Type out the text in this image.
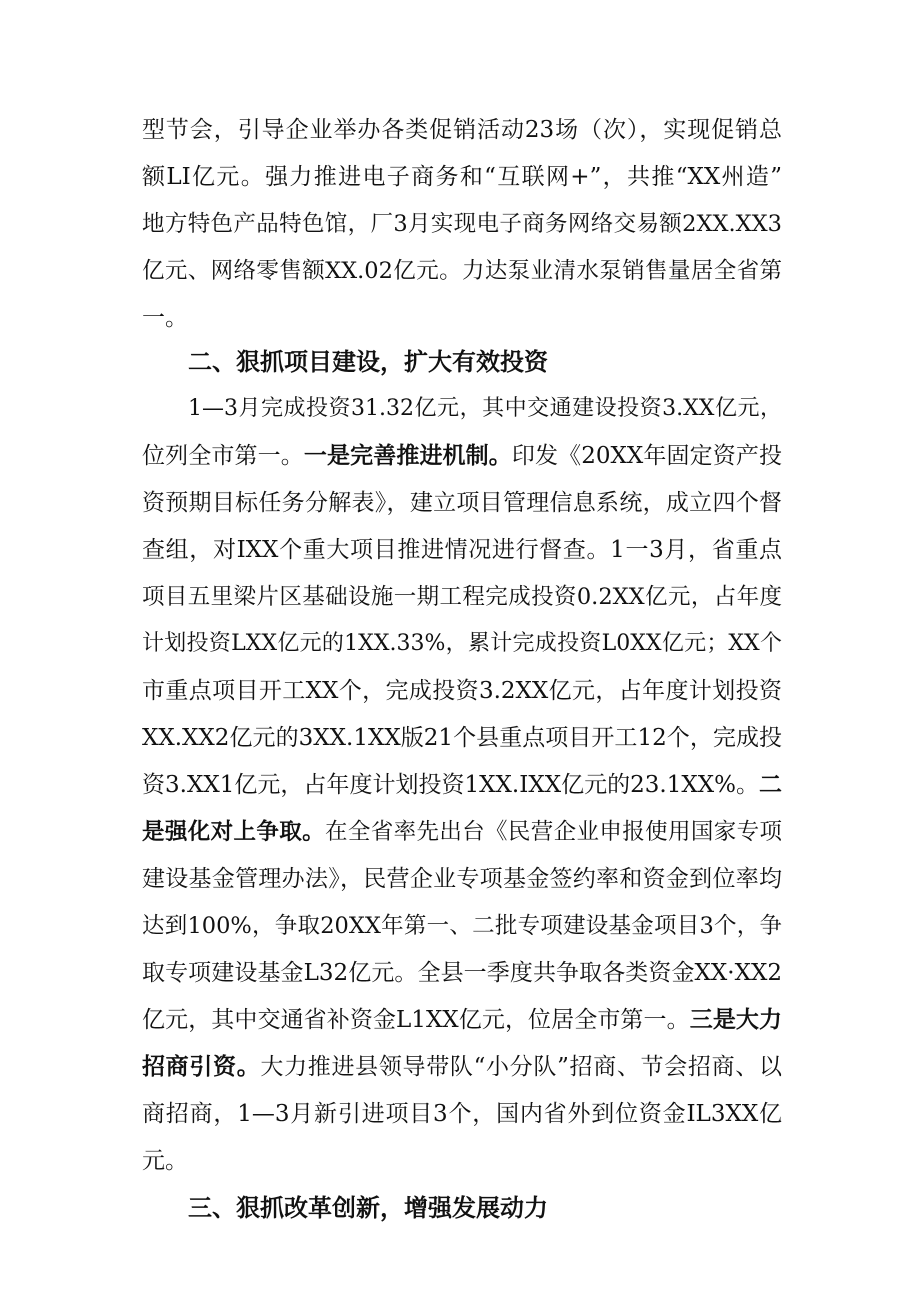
型节会，引导企业举办各类促销活动23场（次），实现促销总
额LI亿元。强力推进电子商务和“互联网+”，共推“XX州造”
地方特色产品特色馆，厂3月实现电子商务网络交易额2XX.XX3
亿元、网络零售额XX.02亿元。力达泵业清水泵销售量居全省第
一。
二、狠抓项目建设，扩大有效投资
1—3月完成投资31.32亿元，其中交通建设投资3.XX亿元，
位列全市第一。一是完善推进机制。印发《20XX年固定资产投
资预期目标任务分解表》，建立项目管理信息系统，成立四个督
查组，对IXX个重大项目推进情况进行督查。1一3月，省重点
项目五里梁片区基础设施一期工程完成投资0.2XX亿元，占年度
计划投资LXX亿元的1XX.33%，累计完成投资L0XX亿元；XX个
市重点项目开工XX个，完成投资3.2XX亿元，占年度计划投资
XX.XX2亿元的3XX.1XX版21个县重点项目开工12个，完成投
资3.XX1亿元，占年度计划投资1XX.IXX亿元的23.1XX%。二
是强化对上争取。在全省率先出台《民营企业申报使用国家专项
建设基金管理办法》，民营企业专项基金签约率和资金到位率均
达到100%，争取20XX年第一、二批专项建设基金项目3个，争
取专项建设基金L32亿元。全县一季度共争取各类资金XX·XX2
亿元，其中交通省补资金L1XX亿元，位居全市第一。三是大力
招商引资。大力推进县领导带队“小分队”招商、节会招商、以
商招商，1—3月新引进项目3个，国内省外到位资金IL3XX亿
元。
三、狠抓改革创新，增强发展动力
